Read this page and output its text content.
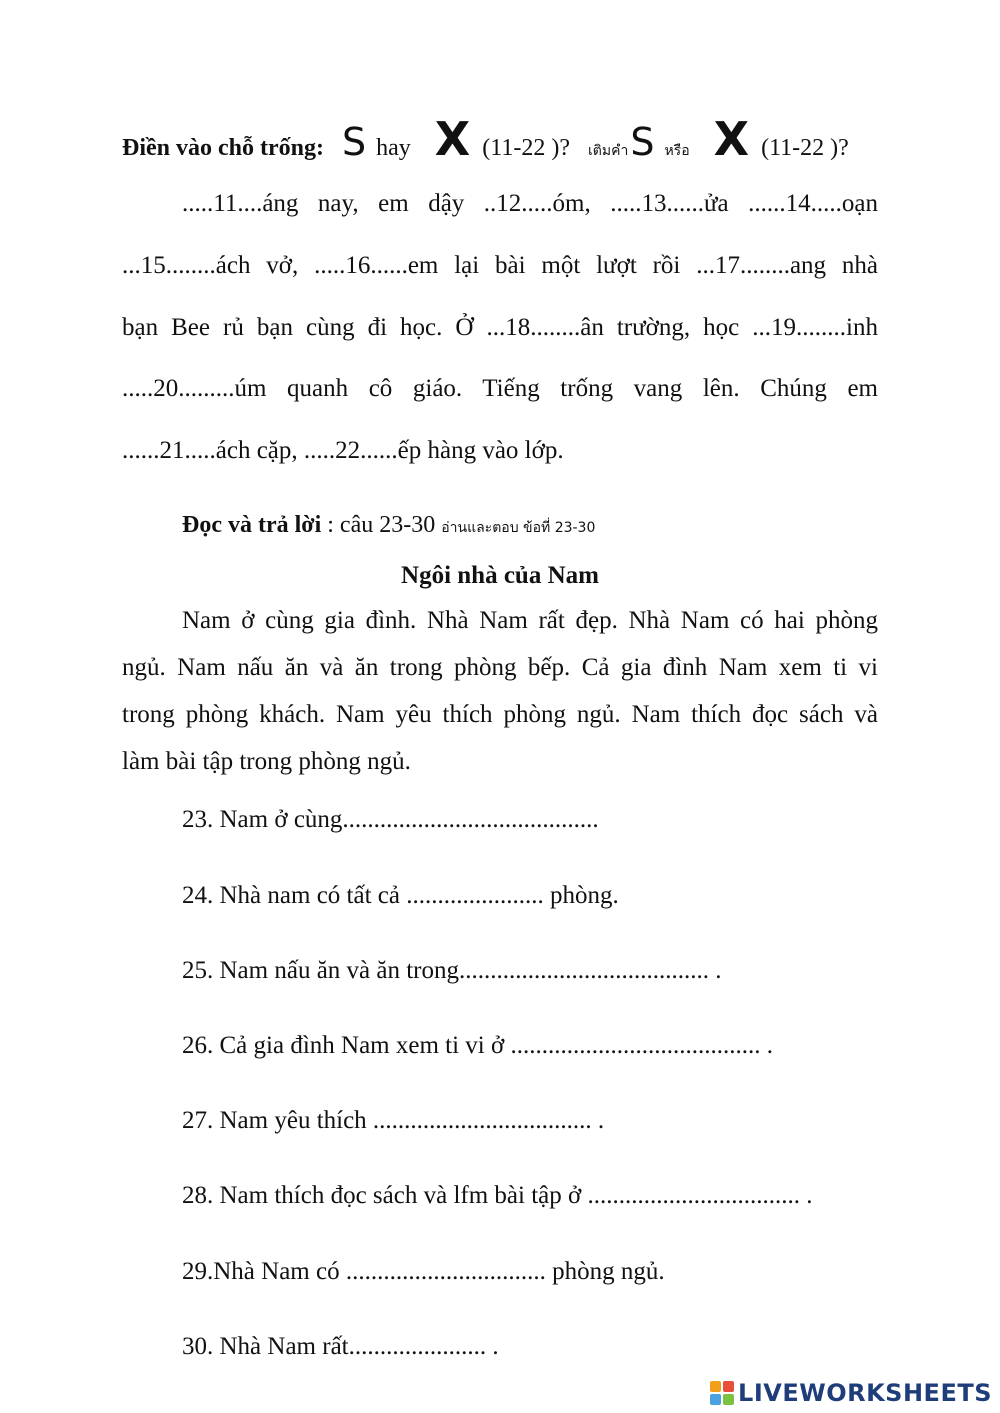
Điền vào chỗ trống: S hay X (11-22 )? เติมคำS หรือ X (11-22 )?
.....11....áng nay, em dậy ..12.....óm, .....13......ửa ......14.....oạn
...15........ách vở, .....16......em lại bài một lượt rồi ...17........ang nhà
bạn Bee rủ bạn cùng đi học. Ở ...18........ân trường, học ...19........inh
.....20.........úm quanh cô giáo. Tiếng trống vang lên. Chúng em
......21.....ách cặp, .....22......ếp hàng vào lớp.
Đọc và trả lời : câu 23-30 อ่านและตอบ ข้อที่ 23-30
Ngôi nhà của Nam
Nam ở cùng gia đình. Nhà Nam rất đẹp. Nhà Nam có hai phòng
ngủ. Nam nấu ăn và ăn trong phòng bếp. Cả gia đình Nam xem ti vi
trong phòng khách. Nam yêu thích phòng ngủ. Nam thích đọc sách và
làm bài tập trong phòng ngủ.
23. Nam ở cùng.........................................
24. Nhà nam có tất cả ...................... phòng.
25. Nam nấu ăn và ăn trong........................................ .
26. Cả gia đình Nam xem ti vi ở ........................................ .
27. Nam yêu thích ................................... .
28. Nam thích đọc sách và lfm bài tập ở .................................. .
29.Nhà Nam có ................................ phòng ngủ.
30. Nhà Nam rất...................... .
LIVEWORKSHEETS
